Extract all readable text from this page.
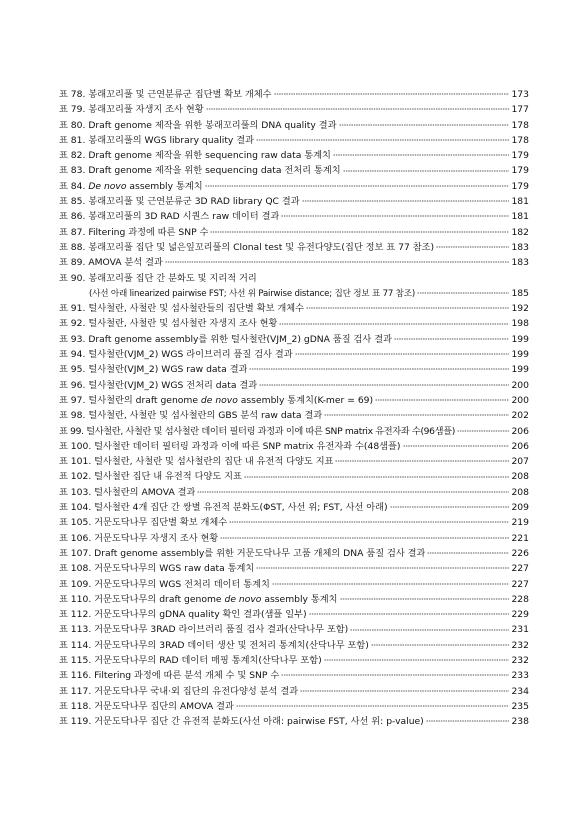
표 78. 봉래꼬리풀 및 근연분류군 집단별 확보 개체수	173
표 79. 봉래꼬리풀 자생지 조사 현황	177
표 80. Draft genome 제작을 위한 봉래꼬리풀의 DNA quality 결과	178
표 81. 봉래꼬리풀의 WGS library quality 결과	178
표 82. Draft genome 제작을 위한 sequencing raw data 통계치	179
표 83. Draft genome 제작을 위한 sequencing data 전처리 통계치	179
표 84. De novo assembly 통계치	179
표 85. 봉래꼬리풀 및 근연분류군 3D RAD library QC 결과	181
표 86. 봉래꼬리풀의 3D RAD 시퀀스 raw 데이터 결과	181
표 87. Filtering 과정에 따른 SNP 수	182
표 88. 봉래꼬리풀 집단 및 넓은잎꼬리풀의 Clonal test 및 유전다양도(집단 정보 표 77 참조)	183
표 89. AMOVA 분석 결과	183
표 90. 봉래꼬리풀 집단 간 분화도 및 지리적 거리
(사선 아래 linearized pairwise FST; 사선 위 Pairwise distance; 집단 정보 표 77 참조)	185
표 91. 털사철란, 사철란 및 섬사철란들의 집단별 확보 개체수	192
표 92. 털사철란, 사철란 및 섬사철란 자생지 조사 현황	198
표 93. Draft genome assembly를 위한 털사철란(VJM_2) gDNA 품질 검사 결과	199
표 94. 털사철란(VJM_2) WGS 라이브러리 품질 검사 결과	199
표 95. 털사철란(VJM_2) WGS raw data 결과	199
표 96. 털사철란(VJM_2) WGS 전처리 data 결과	200
표 97. 털사철란의 draft genome de novo assembly 통계치(K-mer = 69)	200
표 98. 털사철란, 사철란 및 섬사철란의 GBS 분석 raw data 결과	202
표 99. 털사철란, 사철란 및 섬사철란 데이터 필터링 과정과 이에 따른 SNP matrix 유전자좌 수(96샘플)	206
표 100. 털사철란 데이터 필터링 과정과 이에 따른 SNP matrix 유전자좌 수(48샘플)	206
표 101. 털사철란, 사철란 및 섬사철란의 집단 내 유전적 다양도 지표	207
표 102. 털사철란 집단 내 유전적 다양도 지표	208
표 103. 털사철란의 AMOVA 결과	208
표 104. 털사철란 4개 집단 간 쌍별 유전적 분화도(ΦST, 사선 위; FST, 사선 아래)	209
표 105. 거문도닥나무 집단별 확보 개체수	219
표 106. 거문도닥나무 자생지 조사 현황	221
표 107. Draft genome assembly를 위한 거문도닥나무 고품 개체의 DNA 품질 검사 결과	226
표 108. 거문도닥나무의 WGS raw data 통계치	227
표 109. 거문도닥나무의 WGS 전처리 데이터 통계치	227
표 110. 거문도닥나무의 draft genome de novo assembly 통계치	228
표 112. 거문도닥나무의 gDNA quality 확인 결과(샘플 일부)	229
표 113. 거문도닥나무 3RAD 라이브러리 품질 검사 결과(산닥나무 포함)	231
표 114. 거문도닥나무의 3RAD 데이터 생산 및 전처리 통계치(산닥나무 포함)	232
표 115. 거문도닥나무의 RAD 데이터 매핑 통계치(산닥나무 포함)	232
표 116. Filtering 과정에 따른 분석 개체 수 및 SNP 수	233
표 117. 거문도닥나무 국내·외 집단의 유전다양성 분석 결과	234
표 118. 거문도닥나무 집단의 AMOVA 결과	235
표 119. 거문도닥나무 집단 간 유전적 분화도(사선 아래: pairwise FST, 사선 위: p-value)	238
